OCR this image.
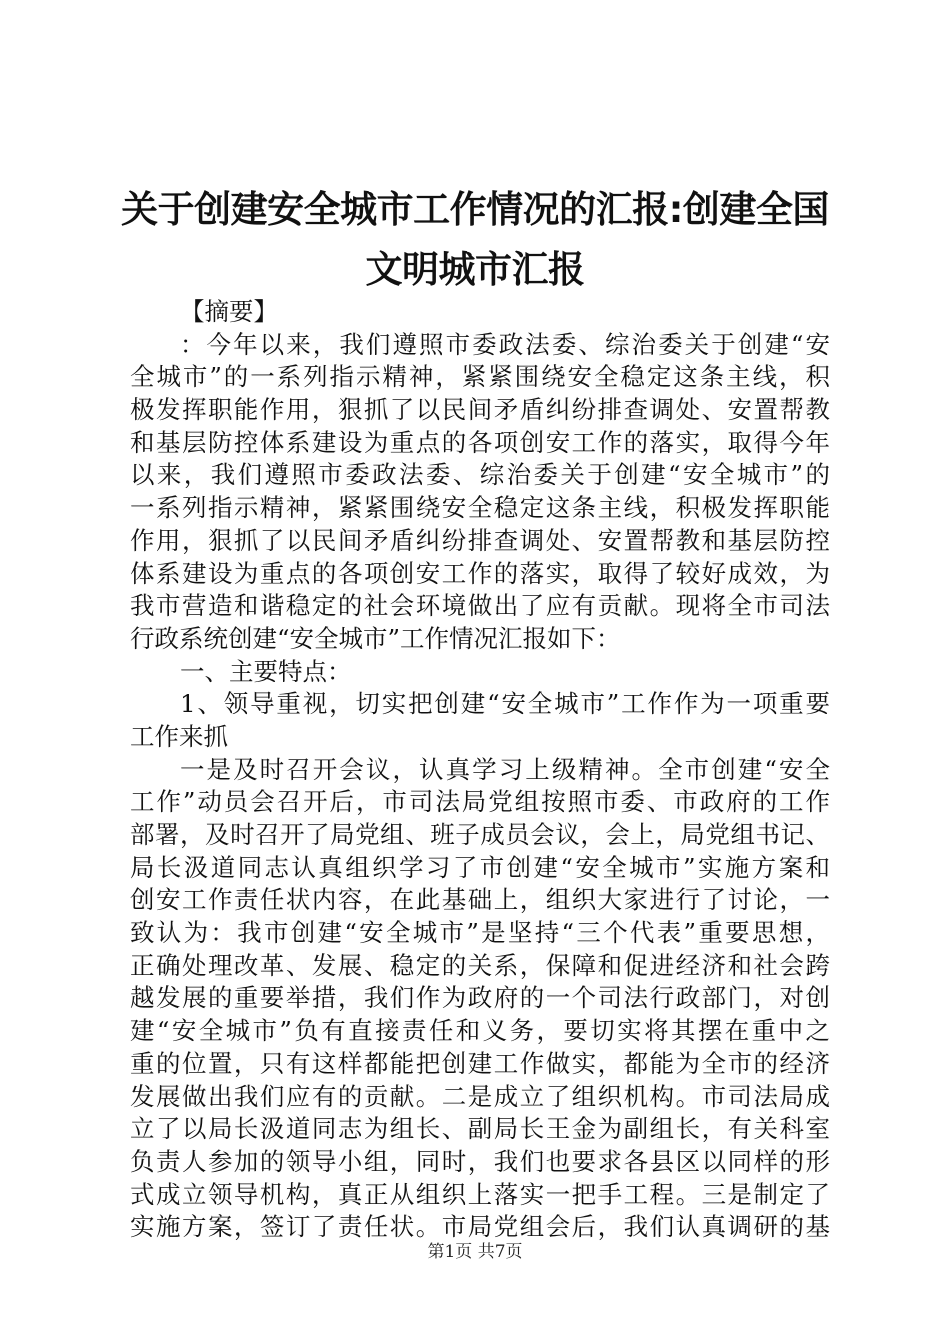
关于创建安全城市工作情况的汇报:创建全国
文明城市汇报
【摘要】
：今年以来，我们遵照市委政法委、综治委关于创建“安
全城市”的一系列指示精神，紧紧围绕安全稳定这条主线，积
极发挥职能作用，狠抓了以民间矛盾纠纷排查调处、安置帮教
和基层防控体系建设为重点的各项创安工作的落实，取得今年
以来，我们遵照市委政法委、综治委关于创建“安全城市”的
一系列指示精神，紧紧围绕安全稳定这条主线，积极发挥职能
作用，狠抓了以民间矛盾纠纷排查调处、安置帮教和基层防控
体系建设为重点的各项创安工作的落实，取得了较好成效，为
我市营造和谐稳定的社会环境做出了应有贡献。现将全市司法
行政系统创建“安全城市”工作情况汇报如下：
一、主要特点：
1、领导重视，切实把创建“安全城市”工作作为一项重要
工作来抓
一是及时召开会议，认真学习上级精神。全市创建“安全
工作”动员会召开后，市司法局党组按照市委、市政府的工作
部署，及时召开了局党组、班子成员会议，会上，局党组书记、
局长汲道同志认真组织学习了市创建“安全城市”实施方案和
创安工作责任状内容，在此基础上，组织大家进行了讨论，一
致认为：我市创建“安全城市”是坚持“三个代表”重要思想，
正确处理改革、发展、稳定的关系，保障和促进经济和社会跨
越发展的重要举措，我们作为政府的一个司法行政部门，对创
建“安全城市”负有直接责任和义务，要切实将其摆在重中之
重的位置，只有这样都能把创建工作做实，都能为全市的经济
发展做出我们应有的贡献。二是成立了组织机构。市司法局成
立了以局长汲道同志为组长、副局长王金为副组长，有关科室
负责人参加的领导小组，同时，我们也要求各县区以同样的形
式成立领导机构，真正从组织上落实一把手工程。三是制定了
实施方案，签订了责任状。市局党组会后，我们认真调研的基
第1页 共7页
